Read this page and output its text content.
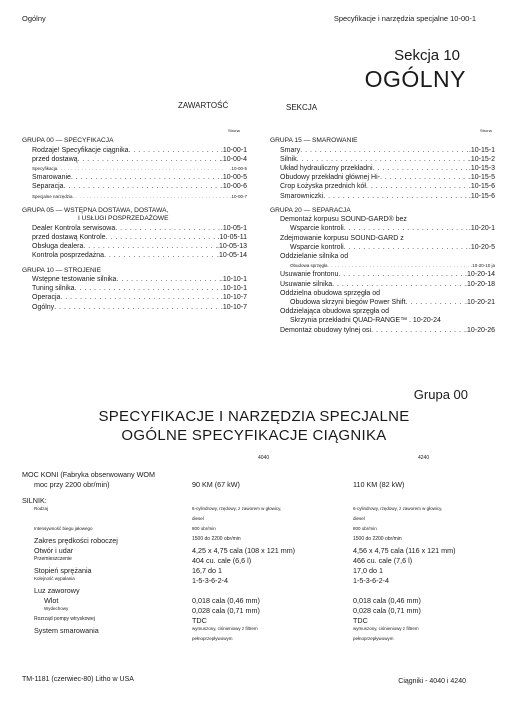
Ogólny	Specyfikacje i narzędzia specjalne 10-00-1
Sekcja 10
OGÓLNY
ZAWARTOŚĆ	SEKCJA
Strona	Strona
GRUPA 00 — SPECYFIKACJA
Rodzaje! Specyfikacje ciągnika . . .	.10-00-1
przed dostawą . . .	.10-00-4
Specyfikacja . . .	.10-00-5
Smarowanie . . .	.10-00-5
Separacja . . .	.10-00-6
Specjalne narzędzia . . .	.10-00-7
GRUPA 05 — WSTĘPNA DOSTAWA, DOSTAWA,
I USŁUGI POSPRZEDAŻOWE
Dealer Kontrola serwisowa . . .	.10-05-1
przed dostawą Kontrole . . .	.10-05-11
Obsługa dealera . . .	.10-05-13
Kontrola posprzedażna . . .	.10-05-14
GRUPA 10 — STROJENIE
Wstępne testowanie silnika . . .	.10-10-1
Tuning silnika . . .	.10-10-1
Operacja . . .	.10-10-7
Ogólny . . .	.10-10-7
GRUPA 15 — SMAROWANIE
Smary . . .	.10-15-1
Silnik . . .	.10-15-2
Układ hydrauliczny przekładni . . .	.10-15-3
Obudowy przekładni głównej Hi- . . .	.10-15-5
Crop Łożyska przednich kół . . .	.10-15-6
Smarowniczki . . .	.10-15-6
GRUPA 20 — SEPARACJA
Demontaż korpusu SOUND-GARD® bez
Wsparcie kontroli . . .	.10-20-1
Zdejmowanie korpusu SOUND-GARD z
Wsparcie kontroli . . .	.10-20-5
Oddzielanie silnika od
Obudowa sprzęgła . . .	.10-20-10 ja
Usuwanie frontonu . . .	.10-20-14
Usuwanie silnika . . .	.10-20-18
Oddzielna obudowa sprzęgła od
Obudowa skrzyni biegów Power Shift . . .	.10-20-21
Oddzielająca obudowa sprzęgła od
Skrzynia przekładni QUAD-RANGE™ . 10-20-24
Demontaż obudowy tylnej osi . . .	.10-20-26
Grupa 00
SPECYFIKACJE I NARZĘDZIA SPECJALNE
OGÓLNE SPECYFIKACJE CIĄGNIKA
4040	4240
MOC KONI (Fabryka obserwowany WOM
moc przy 2200 obr/min)	90 KM (67 kW)	110 KM (82 kW)
SILNIK:
Rodzaj	6-cylindrowy, rzędowy, z zaworem w głowicy,	6-cylindrowy, rzędowy, z zaworem w głowicy,
diesel	diesel
Intensywność biegu jałowego	800 obr/min	800 obr/min
Zakres prędkości roboczej	1500 do 2200 obr/min	1500 do 2200 obr/min
Otwór i udar	4,25 x 4,75 cala (108 x 121 mm)	4,56 x 4,75 cala (116 x 121 mm)
Przemieszczenie	404 cu. cale (6,6 l)	466 cu. cale (7,6 l)
Stopień sprężania	16,7 do 1	17,0 do 1
Kolejność wypalania	1-5-3-6-2-4	1-5-3-6-2-4
Luz zaworowy
Wlot	0,018 cala (0,46 mm)	0,018 cala (0,46 mm)
Wydechowy	0,028 cala (0,71 mm)	0,028 cala (0,71 mm)
Rozrząd pompy wtryskowej	TDC	TDC
System smarowania	wymuszony, ciśnieniowy z filtrem	wymuszony, ciśnieniowy z filtrem
pełnoprzepływowym	pełnoprzepływowym
TM-1181 (czerwiec-80) Litho w USA	Ciągniki - 4040 i 4240
